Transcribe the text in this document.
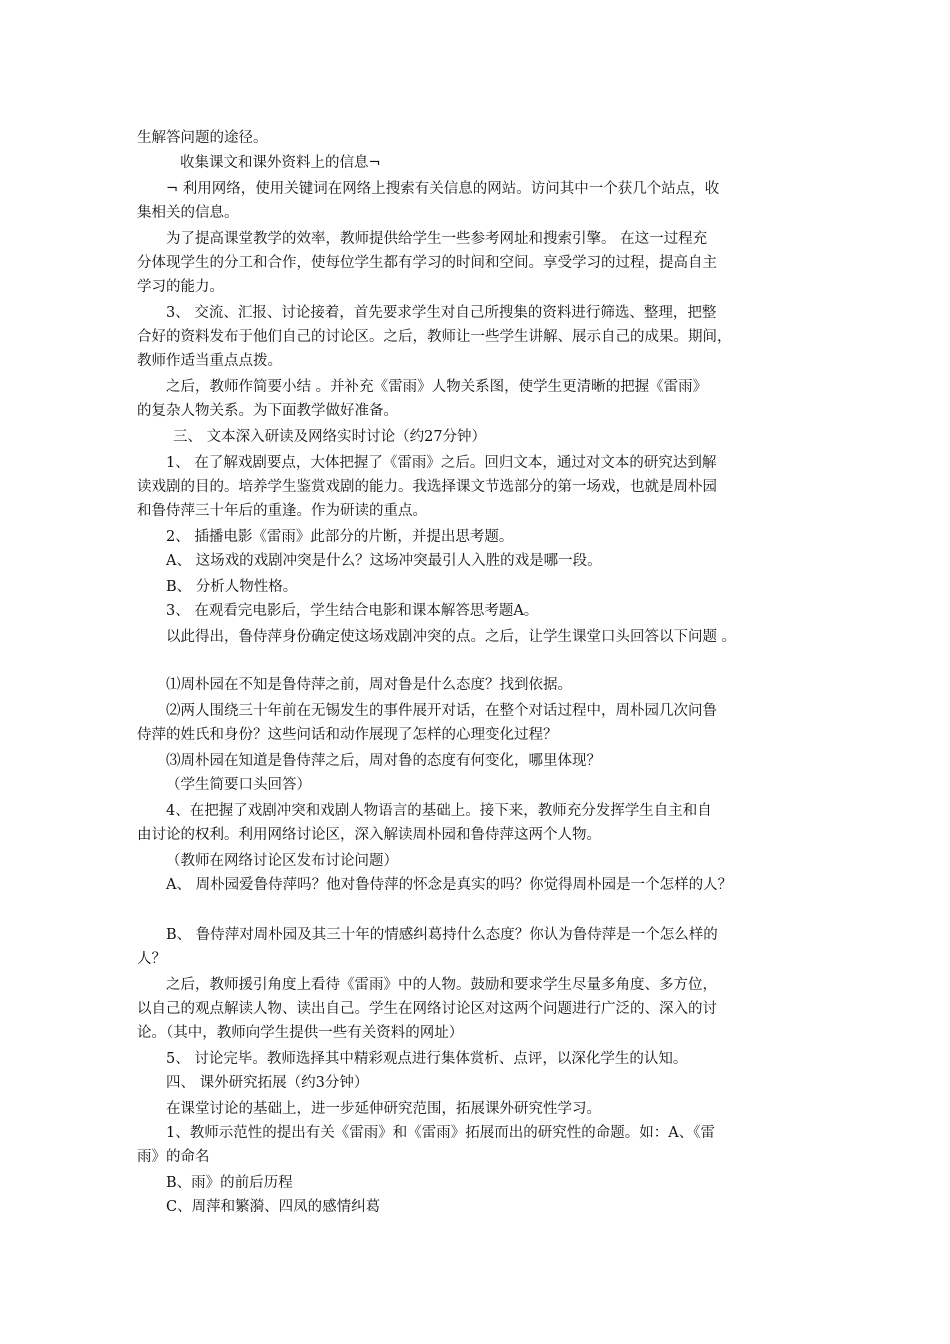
生解答问题的途径。
收集课文和课外资料上的信息¬
¬ 利用网络，使用关键词在网络上搜索有关信息的网站。访问其中一个获几个站点，收
集相关的信息。
为了提高课堂教学的效率，教师提供给学生一些参考网址和搜索引擎。 在这一过程充
分体现学生的分工和合作，使每位学生都有学习的时间和空间。享受学习的过程，提高自主
学习的能力。
3、 交流、汇报、讨论接着，首先要求学生对自己所搜集的资料进行筛选、整理，把整
合好的资料发布于他们自己的讨论区。之后，教师让一些学生讲解、展示自己的成果。期间，
教师作适当重点点拨。
之后，教师作简要小结 。并补充《雷雨》人物关系图，使学生更清晰的把握《雷雨》
的复杂人物关系。为下面教学做好准备。
三、 文本深入研读及网络实时讨论（约27分钟）
1、 在了解戏剧要点，大体把握了《雷雨》之后。回归文本，通过对文本的研究达到解
读戏剧的目的。培养学生鉴赏戏剧的能力。我选择课文节选部分的第一场戏，也就是周朴园
和鲁侍萍三十年后的重逢。作为研读的重点。
2、 插播电影《雷雨》此部分的片断，并提出思考题。
A、 这场戏的戏剧冲突是什么？这场冲突最引人入胜的戏是哪一段。
B、 分析人物性格。
3、 在观看完电影后，学生结合电影和课本解答思考题A。
以此得出，鲁侍萍身份确定使这场戏剧冲突的点。之后，让学生课堂口头回答以下问题 。
⑴周朴园在不知是鲁侍萍之前，周对鲁是什么态度？找到依据。
⑵两人围绕三十年前在无锡发生的事件展开对话，在整个对话过程中，周朴园几次问鲁
侍萍的姓氏和身份？这些问话和动作展现了怎样的心理变化过程？
⑶周朴园在知道是鲁侍萍之后，周对鲁的态度有何变化，哪里体现？
（学生简要口头回答）
4、在把握了戏剧冲突和戏剧人物语言的基础上。接下来，教师充分发挥学生自主和自
由讨论的权利。利用网络讨论区，深入解读周朴园和鲁侍萍这两个人物。
（教师在网络讨论区发布讨论问题）
A、 周朴园爱鲁侍萍吗？他对鲁侍萍的怀念是真实的吗？你觉得周朴园是一个怎样的人？
B、 鲁侍萍对周朴园及其三十年的情感纠葛持什么态度？你认为鲁侍萍是一个怎么样的
人？
之后，教师援引角度上看待《雷雨》中的人物。鼓励和要求学生尽量多角度、多方位，
以自己的观点解读人物、读出自己。学生在网络讨论区对这两个问题进行广泛的、深入的讨
论。（其中，教师向学生提供一些有关资料的网址）
5、 讨论完毕。教师选择其中精彩观点进行集体赏析、点评，以深化学生的认知。
四、 课外研究拓展（约3分钟）
在课堂讨论的基础上，进一步延伸研究范围，拓展课外研究性学习。
1、教师示范性的提出有关《雷雨》和《雷雨》拓展而出的研究性的命题。如：A、《雷
雨》的命名
B、雨》的前后历程
C、周萍和繁漪、四凤的感情纠葛
